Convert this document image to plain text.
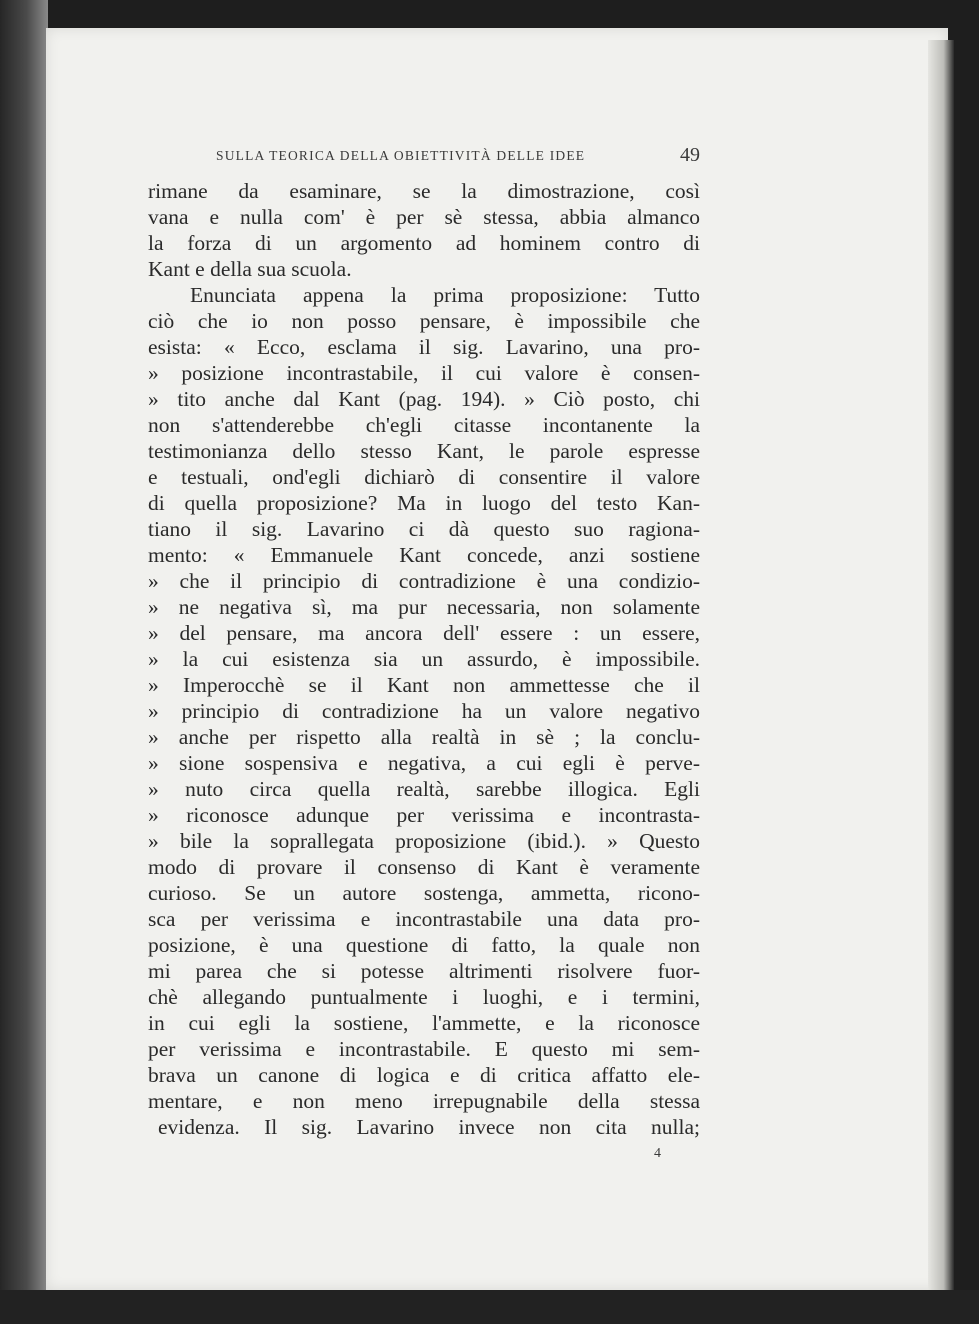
SULLA TEORICA DELLA OBIETTIVITÀ DELLE IDEE	49
rimane da esaminare, se la dimostrazione, così
vana e nulla com' è per sè stessa, abbia almanco
la forza di un argomento ad hominem contro di
Kant e della sua scuola.
Enunciata appena la prima proposizione: Tutto
ciò che io non posso pensare, è impossibile che
esista: « Ecco, esclama il sig. Lavarino, una pro-
» posizione incontrastabile, il cui valore è consen-
» tito anche dal Kant (pag. 194). » Ciò posto, chi
non s'attenderebbe ch'egli citasse incontanente la
testimonianza dello stesso Kant, le parole espresse
e testuali, ond'egli dichiarò di consentire il valore
di quella proposizione? Ma in luogo del testo Kan-
tiano il sig. Lavarino ci dà questo suo ragiona-
mento: « Emmanuele Kant concede, anzi sostiene
» che il principio di contradizione è una condizio-
» ne negativa sì, ma pur necessaria, non solamente
» del pensare, ma ancora dell' essere : un essere,
» la cui esistenza sia un assurdo, è impossibile.
» Imperocchè se il Kant non ammettesse che il
» principio di contradizione ha un valore negativo
» anche per rispetto alla realtà in sè ; la conclu-
» sione sospensiva e negativa, a cui egli è perve-
» nuto circa quella realtà, sarebbe illogica. Egli
» riconosce adunque per verissima e incontrasta-
» bile la soprallegata proposizione (ibid.). » Questo
modo di provare il consenso di Kant è veramente
curioso. Se un autore sostenga, ammetta, ricono-
sca per verissima e incontrastabile una data pro-
posizione, è una questione di fatto, la quale non
mi parea che si potesse altrimenti risolvere fuor-
chè allegando puntualmente i luoghi, e i termini,
in cui egli la sostiene, l'ammette, e la riconosce
per verissima e incontrastabile. E questo mi sem-
brava un canone di logica e di critica affatto ele-
mentare, e non meno irrepugnabile della stessa
evidenza. Il sig. Lavarino invece non cita nulla;
4
